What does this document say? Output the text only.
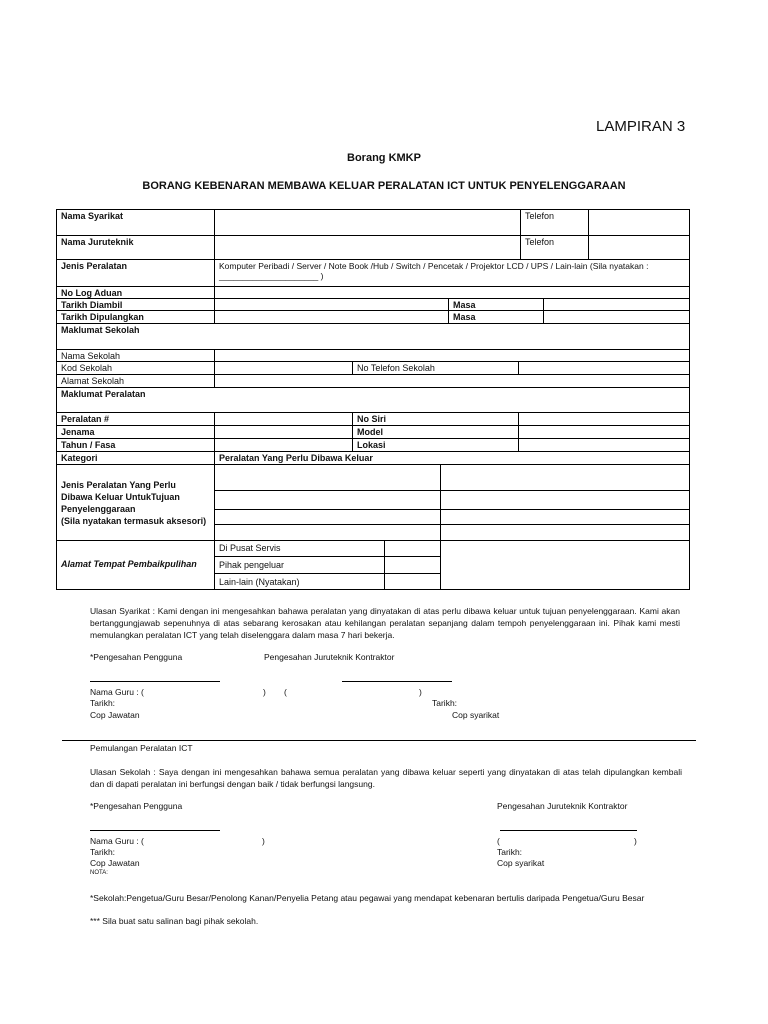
LAMPIRAN 3
Borang KMKP
BORANG KEBENARAN MEMBAWA KELUAR PERALATAN ICT UNTUK PENYELENGGARAAN
Nama Syarikat	Telefon
Nama Juruteknik	Telefon
Jenis Peralatan	Komputer Peribadi / Server / Note Book /Hub / Switch / Pencetak / Projektor LCD / UPS / Lain-lain (Sila nyatakan :
_____________________ )
No Log Aduan
Tarikh Diambil	Masa
Tarikh Dipulangkan	Masa
Maklumat Sekolah
Nama Sekolah
Kod Sekolah	No Telefon Sekolah
Alamat Sekolah
Maklumat Peralatan
Peralatan #	No Siri
Jenama	Model
Tahun / Fasa	Lokasi
Kategori	Peralatan Yang Perlu Dibawa Keluar
Jenis Peralatan Yang Perlu
Dibawa Keluar UntukTujuan
Penyelenggaraan
(Sila nyatakan termasuk aksesori)
Alamat Tempat Pembaikpulihan
Di Pusat Servis
Pihak pengeluar
Lain-lain (Nyatakan)
Ulasan Syarikat : Kami dengan ini mengesahkan bahawa peralatan yang dinyatakan di atas perlu dibawa keluar untuk tujuan penyelenggaraan. Kami akan bertanggungjawab sepenuhnya di atas sebarang kerosakan atau kehilangan peralatan sepanjang dalam tempoh penyelenggaraan ini. Pihak kami mesti memulangkan peralatan ICT yang telah diselenggara dalam masa 7 hari bekerja.
*Pengesahan Pengguna	Pengesahan Juruteknik Kontraktor
Nama Guru : (	) (	)
Tarikh:	Tarikh:
Cop Jawatan	Cop syarikat
Pemulangan Peralatan ICT
Ulasan Sekolah : Saya dengan ini mengesahkan bahawa semua peralatan yang dibawa keluar seperti yang dinyatakan di atas telah dipulangkan kembali dan di dapati peralatan ini berfungsi dengan baik / tidak berfungsi langsung.
*Pengesahan Pengguna	Pengesahan Juruteknik Kontraktor
Nama Guru : (	)	(	)
Tarikh:	Tarikh:
Cop Jawatan	Cop syarikat
NOTA:
*Sekolah:Pengetua/Guru Besar/Penolong Kanan/Penyelia Petang atau pegawai yang mendapat kebenaran bertulis daripada Pengetua/Guru Besar
*** Sila buat satu salinan bagi pihak sekolah.
